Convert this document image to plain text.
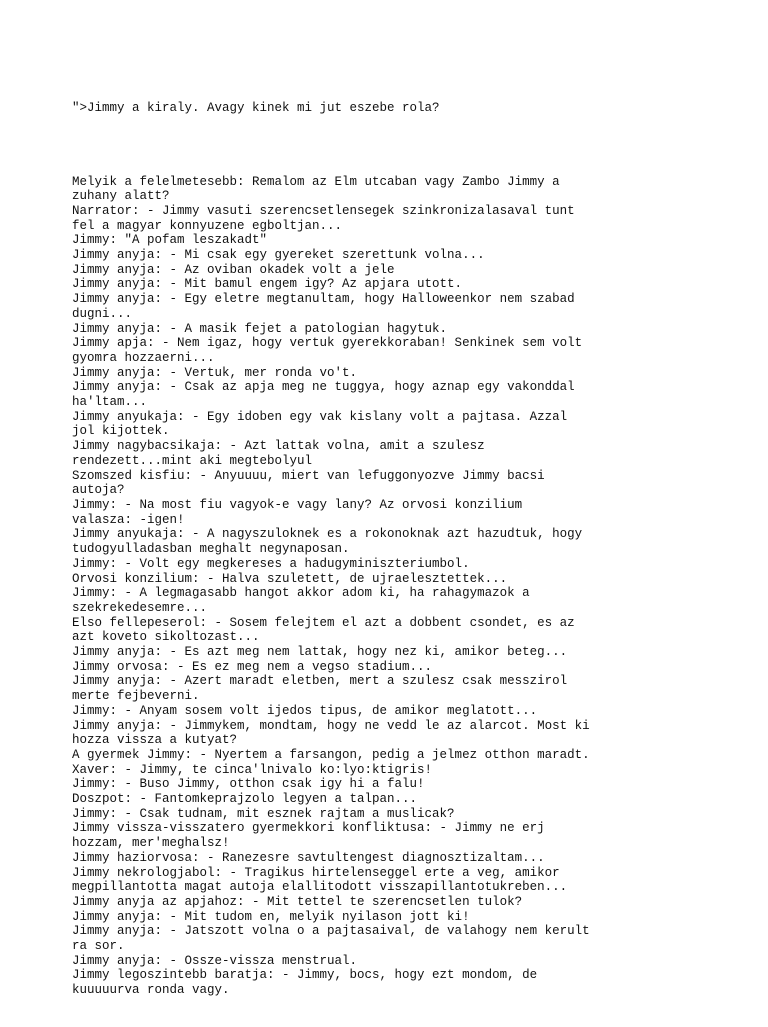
">Jimmy a kiraly. Avagy kinek mi jut eszebe rola?

Melyik a felelmetesebb: Remalom az Elm utcaban vagy Zambo Jimmy a
zuhany alatt?
Narrator: - Jimmy vasuti szerencsetlensegek szinkronizalasaval tunt
fel a magyar konnyuzene egboltjan...
Jimmy: "A pofam leszakadt"
Jimmy anyja: - Mi csak egy gyereket szerettunk volna...
Jimmy anyja: - Az oviban okadek volt a jele
Jimmy anyja: - Mit bamul engem igy? Az apjara utott.
Jimmy anyja: - Egy eletre megtanultam, hogy Halloweenkor nem szabad
dugni...
Jimmy anyja: - A masik fejet a patologian hagytuk.
Jimmy apja: - Nem igaz, hogy vertuk gyerekkoraban! Senkinek sem volt
gyomra hozzaerni...
Jimmy anyja: - Vertuk, mer ronda vo't.
Jimmy anyja: - Csak az apja meg ne tuggya, hogy aznap egy vakonddal
ha'ltam...
Jimmy anyukaja: - Egy idoben egy vak kislany volt a pajtasa. Azzal
jol kijottek.
Jimmy nagybacsikaja: - Azt lattak volna, amit a szulesz
rendezett...mint aki megtebolyul
Szomszed kisfiu: - Anyuuuu, miert van lefuggonyozve Jimmy bacsi
autoja?
Jimmy: - Na most fiu vagyok-e vagy lany? Az orvosi konzilium
valasza: -igen!
Jimmy anyukaja: - A nagyszuloknek es a rokonoknak azt hazudtuk, hogy
tudogyulladasban meghalt negynaposan.
Jimmy: - Volt egy megkereses a hadugyminiszteriumbol.
Orvosi konzilium: - Halva szuletett, de ujraelesztettek...
Jimmy: - A legmagasabb hangot akkor adom ki, ha rahagymazok a
szekrekedesemre...
Elso fellepeserol: - Sosem felejtem el azt a dobbent csondet, es az
azt koveto sikoltozast...
Jimmy anyja: - Es azt meg nem lattak, hogy nez ki, amikor beteg...
Jimmy orvosa: - Es ez meg nem a vegso stadium...
Jimmy anyja: - Azert maradt eletben, mert a szulesz csak messzirol
merte fejbeverni.
Jimmy: - Anyam sosem volt ijedos tipus, de amikor meglatott...
Jimmy anyja: - Jimmykem, mondtam, hogy ne vedd le az alarcot. Most ki
hozza vissza a kutyat?
A gyermek Jimmy: - Nyertem a farsangon, pedig a jelmez otthon maradt.
Xaver: - Jimmy, te cinca'lnivalo ko:lyo:ktigris!
Jimmy: - Buso Jimmy, otthon csak igy hi a falu!
Doszpot: - Fantomkeprajzolo legyen a talpan...
Jimmy: - Csak tudnam, mit esznek rajtam a muslicak?
Jimmy vissza-visszatero gyermekkori konfliktusa: - Jimmy ne erj
hozzam, mer'meghalsz!
Jimmy haziorvosa: - Ranezesre savtultengest diagnosztizaltam...
Jimmy nekrologjabol: - Tragikus hirtelenseggel erte a veg, amikor
megpillantotta magat autoja elallitodott visszapillantotukreben...
Jimmy anyja az apjahoz: - Mit tettel te szerencsetlen tulok?
Jimmy anyja: - Mit tudom en, melyik nyilason jott ki!
Jimmy anyja: - Jatszott volna o a pajtasaival, de valahogy nem kerult
ra sor.
Jimmy anyja: - Ossze-vissza menstrual.
Jimmy legoszintebb baratja: - Jimmy, bocs, hogy ezt mondom, de
kuuuuurva ronda vagy.
